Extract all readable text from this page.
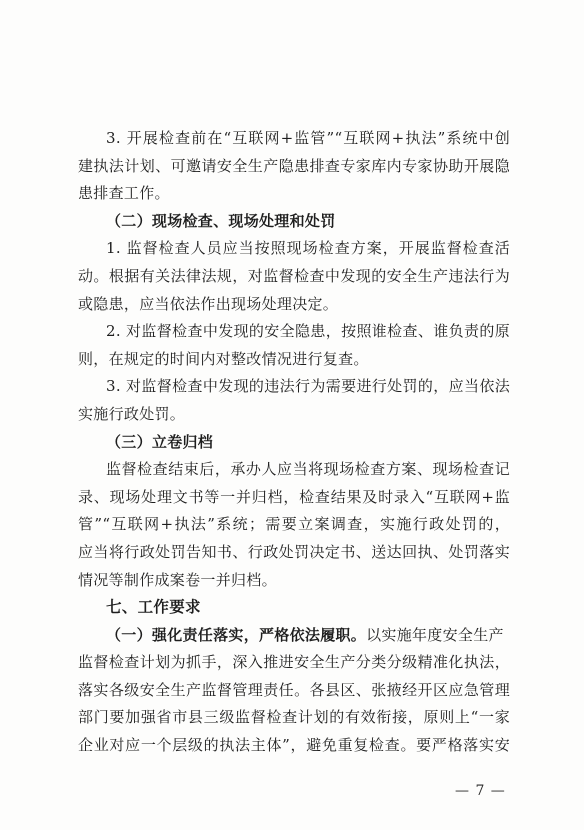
3. 开展检查前在“互联网+监管”“互联网+执法”系统中创
建执法计划、可邀请安全生产隐患排查专家库内专家协助开展隐
患排查工作。
（二）现场检查、现场处理和处罚
1. 监督检查人员应当按照现场检查方案，开展监督检查活
动。根据有关法律法规，对监督检查中发现的安全生产违法行为
或隐患，应当依法作出现场处理决定。
2. 对监督检查中发现的安全隐患，按照谁检查、谁负责的原
则，在规定的时间内对整改情况进行复查。
3. 对监督检查中发现的违法行为需要进行处罚的，应当依法
实施行政处罚。
（三）立卷归档
监督检查结束后，承办人应当将现场检查方案、现场检查记
录、现场处理文书等一并归档，检查结果及时录入“互联网+监
管”“互联网+执法”系统；需要立案调查，实施行政处罚的，
应当将行政处罚告知书、行政处罚决定书、送达回执、处罚落实
情况等制作成案卷一并归档。
七、工作要求
（一）强化责任落实，严格依法履职。以实施年度安全生产
监督检查计划为抓手，深入推进安全生产分类分级精准化执法，
落实各级安全生产监督管理责任。各县区、张掖经开区应急管理
部门要加强省市县三级监督检查计划的有效衔接，原则上“一家
企业对应一个层级的执法主体”，避免重复检查。要严格落实安
— 7 —
